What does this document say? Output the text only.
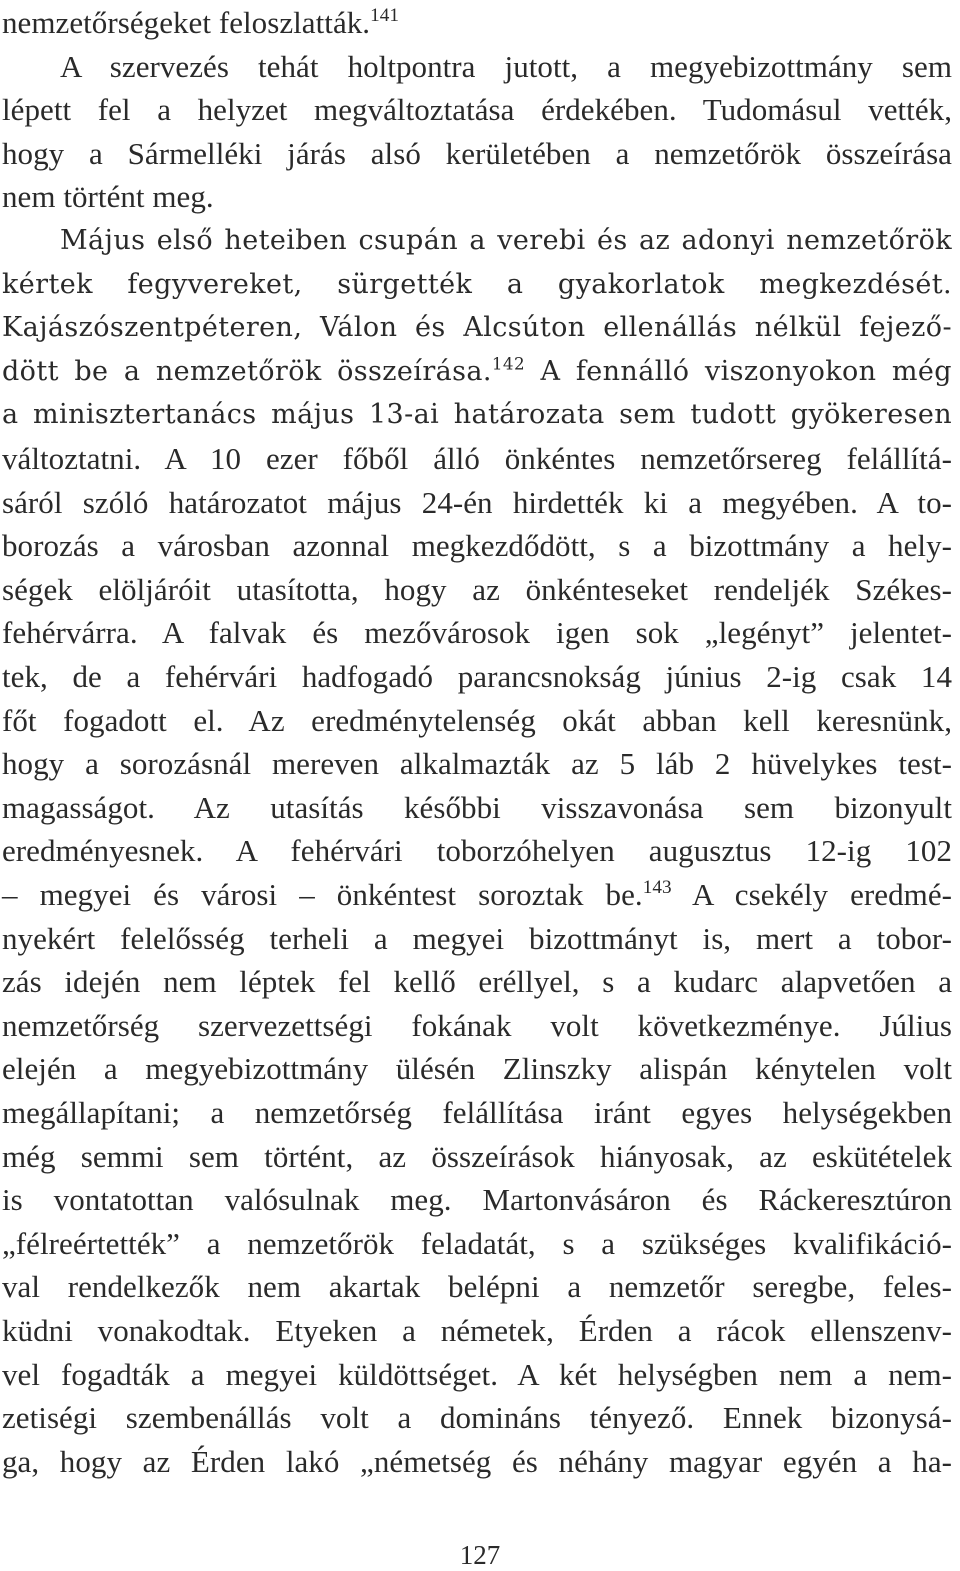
nemzetőrségeket feloszlatták.$^{141}$
A szervezés tehát holtpontra jutott, a megyebizottmány sem
lépett fel a helyzet megváltoztatása érdekében. Tudomásul vették,
hogy a Sármelléki járás alsó kerületében a nemzetőrök összeírása
nem történt meg.
Május első heteiben csupán a verebi és az adonyi nemzetőrök
kértek fegyvereket, sürgették a gyakorlatok megkezdését.
Kajászószentpéteren, Válon és Alcsúton ellenállás nélkül fejező-
dött be a nemzetőrök összeírása.$^{142}$ A fennálló viszonyokon még
a minisztertanács május 13-ai határozata sem tudott gyökeresen
változtatni. A 10 ezer főből álló önkéntes nemzetőrsereg felállítá-
sáról szóló határozatot május 24-én hirdették ki a megyében. A to-
borozás a városban azonnal megkezdődött, s a bizottmány a hely-
ségek elöljáróit utasította, hogy az önkénteseket rendeljék Székes-
fehérvárra. A falvak és mezővárosok igen sok „legényt” jelentet-
tek, de a fehérvári hadfogadó parancsnokság június 2-ig csak 14
főt fogadott el. Az eredménytelenség okát abban kell keresnünk,
hogy a sorozásnál mereven alkalmazták az 5 láb 2 hüvelykes test-
magasságot. Az utasítás későbbi visszavonása sem bizonyult
eredményesnek. A fehérvári toborzóhelyen augusztus 12-ig 102
– megyei és városi – önkéntest soroztak be.$^{143}$ A csekély eredmé-
nyekért felelősség terheli a megyei bizottmányt is, mert a tobor-
zás idején nem léptek fel kellő eréllyel, s a kudarc alapvetően a
nemzetőrség szervezettségi fokának volt következménye. Július
elején a megyebizottmány ülésén Zlinszky alispán kénytelen volt
megállapítani; a nemzetőrség felállítása iránt egyes helységekben
még semmi sem történt, az összeírások hiányosak, az eskütételek
is vontatottan valósulnak meg. Martonvásáron és Ráckeresztúron
„félreértették” a nemzetőrök feladatát, s a szükséges kvalifikáció-
val rendelkezők nem akartak belépni a nemzetőr seregbe, feles-
küdni vonakodtak. Etyeken a németek, Érden a rácok ellenszenv-
vel fogadták a megyei küldöttséget. A két helységben nem a nem-
zetiségi szembenállás volt a domináns tényező. Ennek bizonysá-
ga, hogy az Érden lakó „németség és néhány magyar egyén a ha-
127
